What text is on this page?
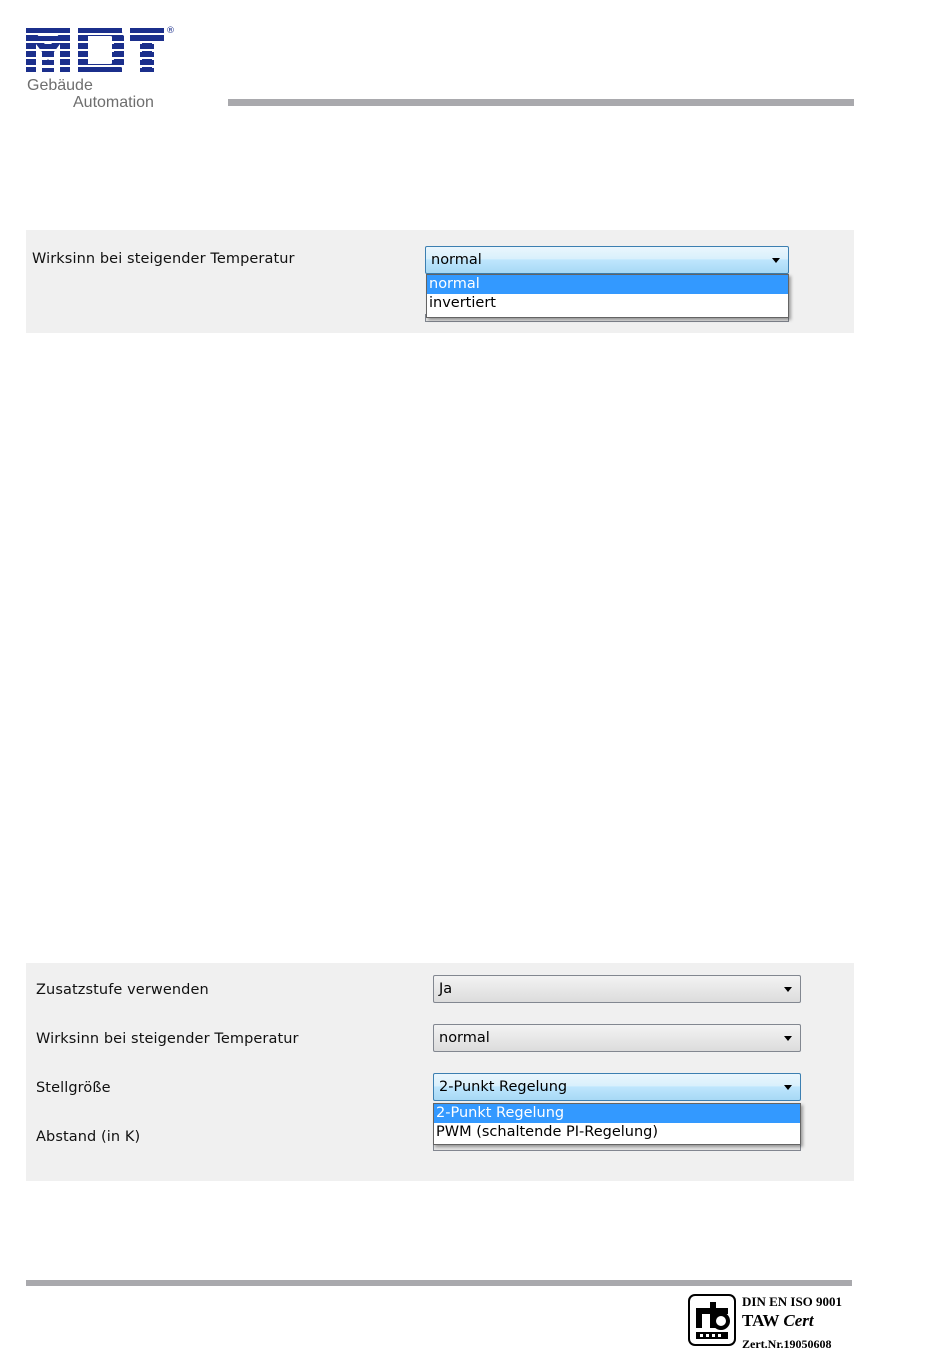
®
Gebäude
Automation
Wirksinn bei steigender Temperatur	normal
normal
invertiert
Zusatzstufe verwenden	Ja
Wirksinn bei steigender Temperatur	normal
Stellgröße	2-Punkt Regelung
Abstand (in K)
2-Punkt Regelung
PWM (schaltende PI-Regelung)
DIN EN ISO 9001
TAW Cert
Zert.Nr.19050608
